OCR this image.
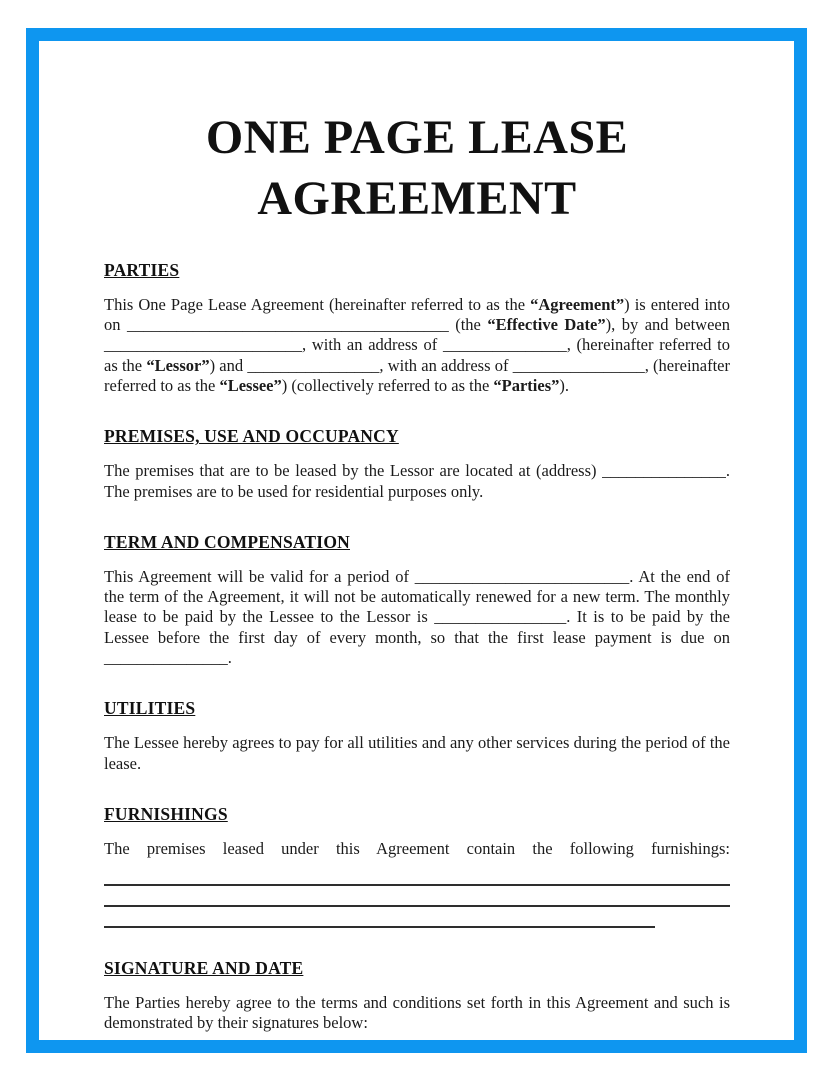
ONE PAGE LEASE AGREEMENT
PARTIES

This One Page Lease Agreement (hereinafter referred to as the “Agreement”) is entered into on _______________________________________ (the “Effective Date”), by and between ________________________, with an address of _______________, (hereinafter referred to as the “Lessor”) and ________________, with an address of ________________, (hereinafter referred to as the “Lessee”) (collectively referred to as the “Parties”).

PREMISES, USE AND OCCUPANCY

The premises that are to be leased by the Lessor are located at (address) _______________. The premises are to be used for residential purposes only.

TERM AND COMPENSATION

This Agreement will be valid for a period of __________________________. At the end of the term of the Agreement, it will not be automatically renewed for a new term. The monthly lease to be paid by the Lessee to the Lessor is ________________. It is to be paid by the Lessee before the first day of every month, so that the first lease payment is due on _______________.

UTILITIES

The Lessee hereby agrees to pay for all utilities and any other services during the period of the lease.

FURNISHINGS

The premises leased under this Agreement contain the following furnishings:

SIGNATURE AND DATE

The Parties hereby agree to the terms and conditions set forth in this Agreement and such is demonstrated by their signatures below:
